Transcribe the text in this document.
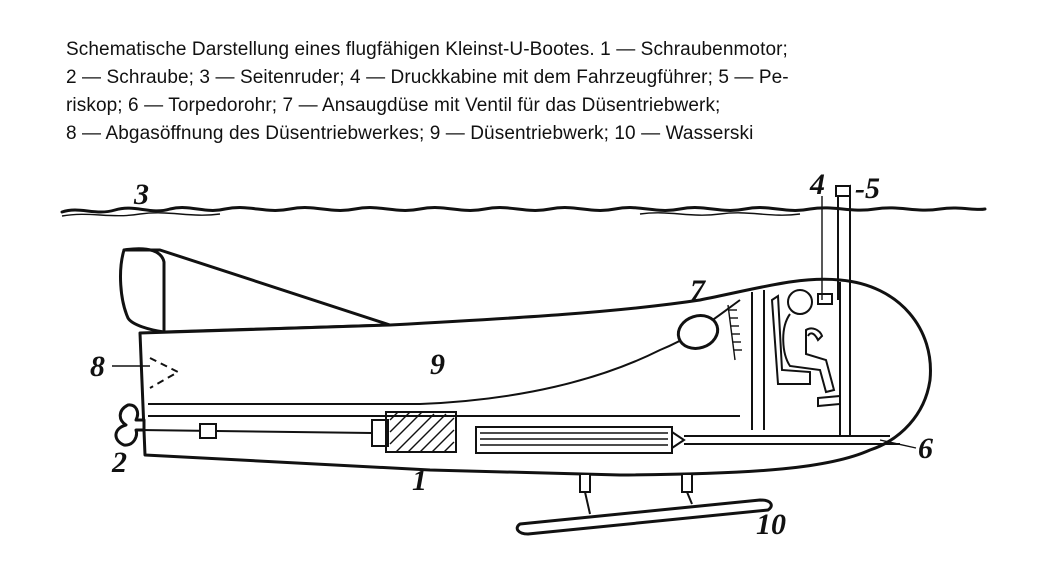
Schematische Darstellung eines flugfähigen Kleinst-U-Bootes. 1 — Schraubenmotor;
2 — Schraube; 3 — Seitenruder; 4 — Druckkabine mit dem Fahrzeugführer; 5 — Pe-
riskop; 6 — Torpedorohr; 7 — Ansaugdüse mit Ventil für das Düsentriebwerk;
8 — Abgasöffnung des Düsentriebwerkes; 9 — Düsentriebwerk; 10 — Wasserski
3	4 -5
7
8	9
2
1
6
10
